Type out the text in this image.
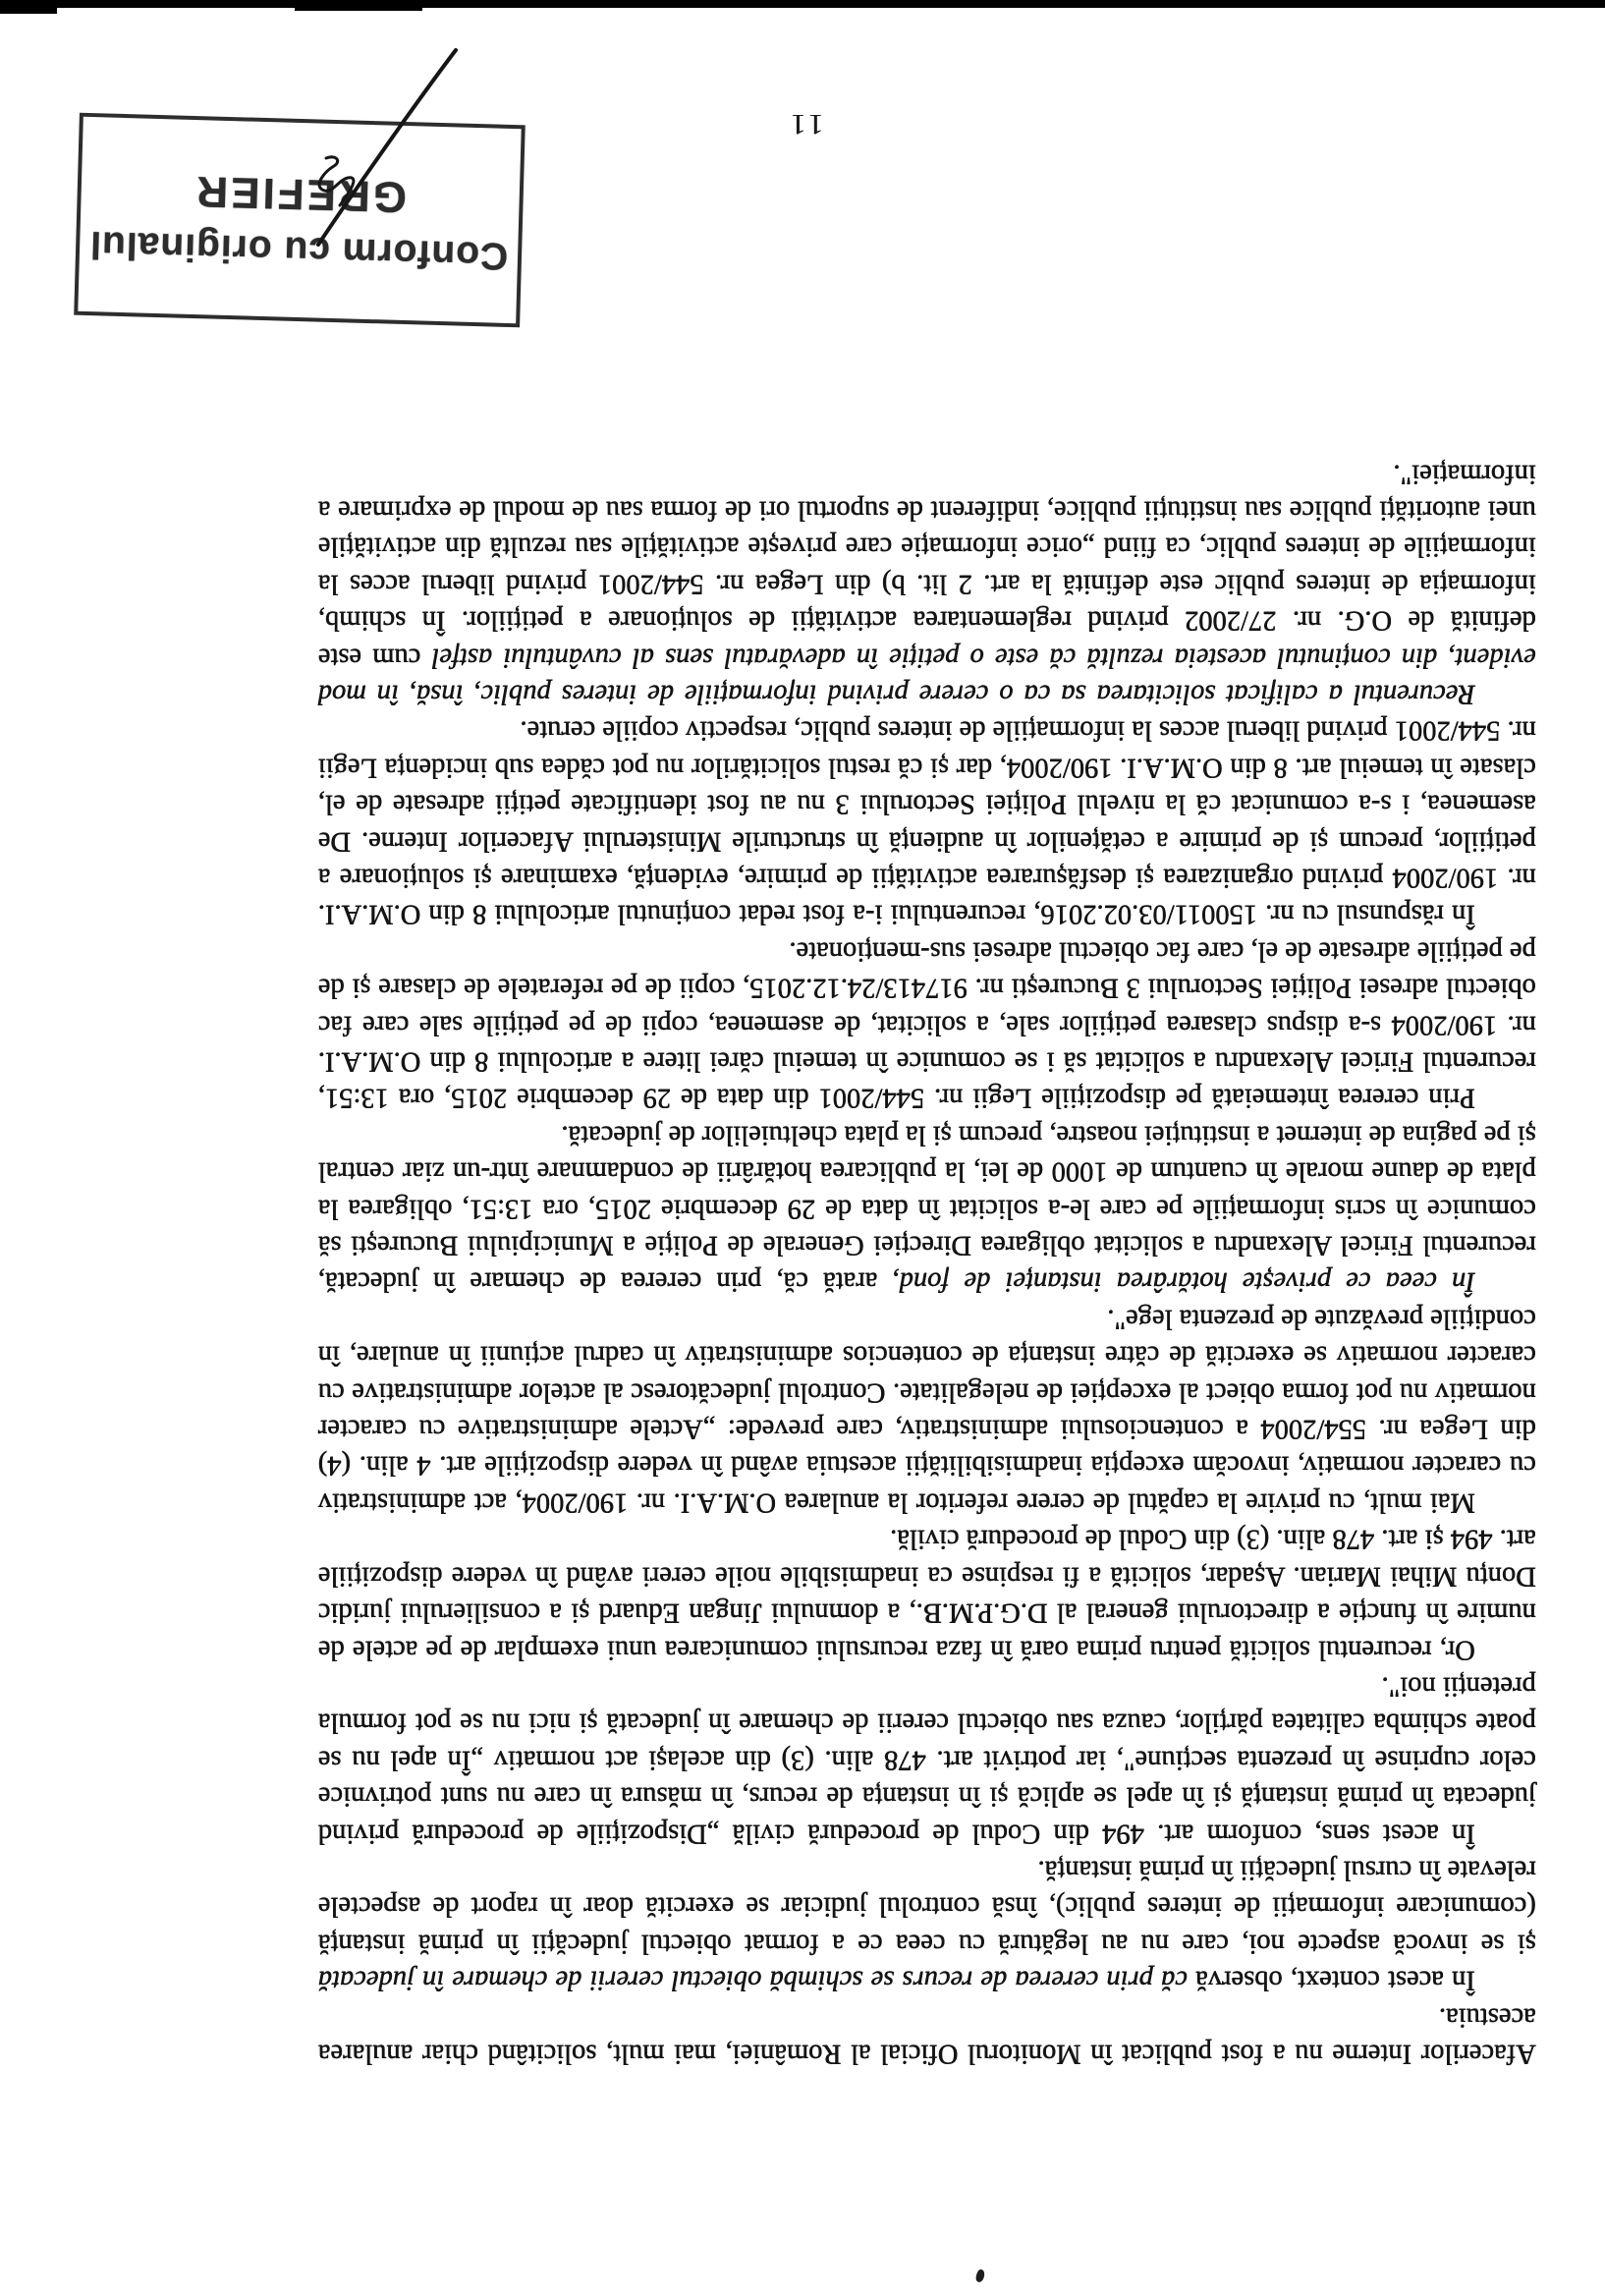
Afacerilor Interne nu a fost publicat în Monitorul Oficial al României, mai mult, solicitând chiar anularea acestuia.

În acest context, observă că prin cererea de recurs se schimbă obiectul cererii de chemare în judecată și se invocă aspecte noi, care nu au legătură cu ceea ce a format obiectul judecății în primă instanță (comunicare informații de interes public), însă controlul judiciar se exercită doar în raport de aspectele relevate în cursul judecății în primă instanță.

În acest sens, conform art. 494 din Codul de procedură civilă „Dispozițiile de procedură privind judecata în primă instanță și în apel se aplică și în instanța de recurs, în măsura în care nu sunt potrivnice celor cuprinse în prezenta secțiune", iar potrivit art. 478 alin. (3) din același act normativ „În apel nu se poate schimba calitatea părților, cauza sau obiectul cererii de chemare în judecată și nici nu se pot formula pretenții noi".

Or, recurentul solicită pentru prima oară în faza recursului comunicarea unui exemplar de pe actele de numire în funcție a directorului general al D.G.P.M.B., a domnului Jingan Eduard și a consilierului juridic Donțu Mihai Marian. Așadar, solicită a fi respinse ca inadmisibile noile cereri având în vedere dispozițiile art. 494 și art. 478 alin. (3) din Codul de procedură civilă.

Mai mult, cu privire la capătul de cerere referitor la anularea O.M.A.I. nr. 190/2004, act administrativ cu caracter normativ, invocăm excepția inadmisibilității acestuia având în vedere dispozițiile art. 4 alin. (4) din Legea nr. 554/2004 a contenciosului administrativ, care prevede: „Actele administrative cu caracter normativ nu pot forma obiect al excepției de nelegalitate. Controlul judecătoresc al actelor administrative cu caracter normativ se exercită de către instanța de contencios administrativ în cadrul acțiunii în anulare, în condițiile prevăzute de prezenta lege".

În ceea ce privește hotărârea instanței de fond, arată că, prin cererea de chemare în judecată, recurentul Firicel Alexandru a solicitat obligarea Direcției Generale de Poliție a Municipiului București să comunice în scris informațiile pe care le-a solicitat în data de 29 decembrie 2015, ora 13:51, obligarea la plata de daune morale în cuantum de 1000 de lei, la publicarea hotărârii de condamnare într-un ziar central și pe pagina de internet a instituției noastre, precum și la plata cheltuielilor de judecată.

Prin cererea întemeiată pe dispozițiile Legii nr. 544/2001 din data de 29 decembrie 2015, ora 13:51, recurentul Firicel Alexandru a solicitat să i se comunice în temeiul cărei litere a articolului 8 din O.M.A.I. nr. 190/2004 s-a dispus clasarea petițiilor sale, a solicitat, de asemenea, copii de pe petițiile sale care fac obiectul adresei Poliției Sectorului 3 București nr. 917413/24.12.2015, copii de pe referatele de clasare și de pe petițiile adresate de el, care fac obiectul adresei sus-menționate.

În răspunsul cu nr. 150011/03.02.2016, recurentului i-a fost redat conținutul articolului 8 din O.M.A.I. nr. 190/2004 privind organizarea și desfășurarea activității de primire, evidență, examinare și soluționare a petițiilor, precum și de primire a cetățenilor în audiență în structurile Ministerului Afacerilor Interne. De asemenea, i s-a comunicat că la nivelul Poliției Sectorului 3 nu au fost identificate petiții adresate de el, clasate în temeiul art. 8 din O.M.A.I. 190/2004, dar și că restul solicitărilor nu pot cădea sub incidența Legii nr. 544/2001 privind liberul acces la informațiile de interes public, respectiv copiile cerute.

Recurentul a calificat solicitarea sa ca o cerere privind informațiile de interes public, însă, în mod evident, din conținutul acesteia rezultă că este o petiție în adevăratul sens al cuvântului astfel cum este definită de O.G. nr. 27/2002 privind reglementarea activității de soluționare a petițiilor. În schimb, informația de interes public este definită la art. 2 lit. b) din Legea nr. 544/2001 privind liberul acces la informațiile de interes public, ca fiind „orice informație care privește activitățile sau rezultă din activitățile unei autorități publice sau instituții publice, indiferent de suportul ori de forma sau de modul de exprimare a informației".

11
Conform cu originalul
GREFIER
